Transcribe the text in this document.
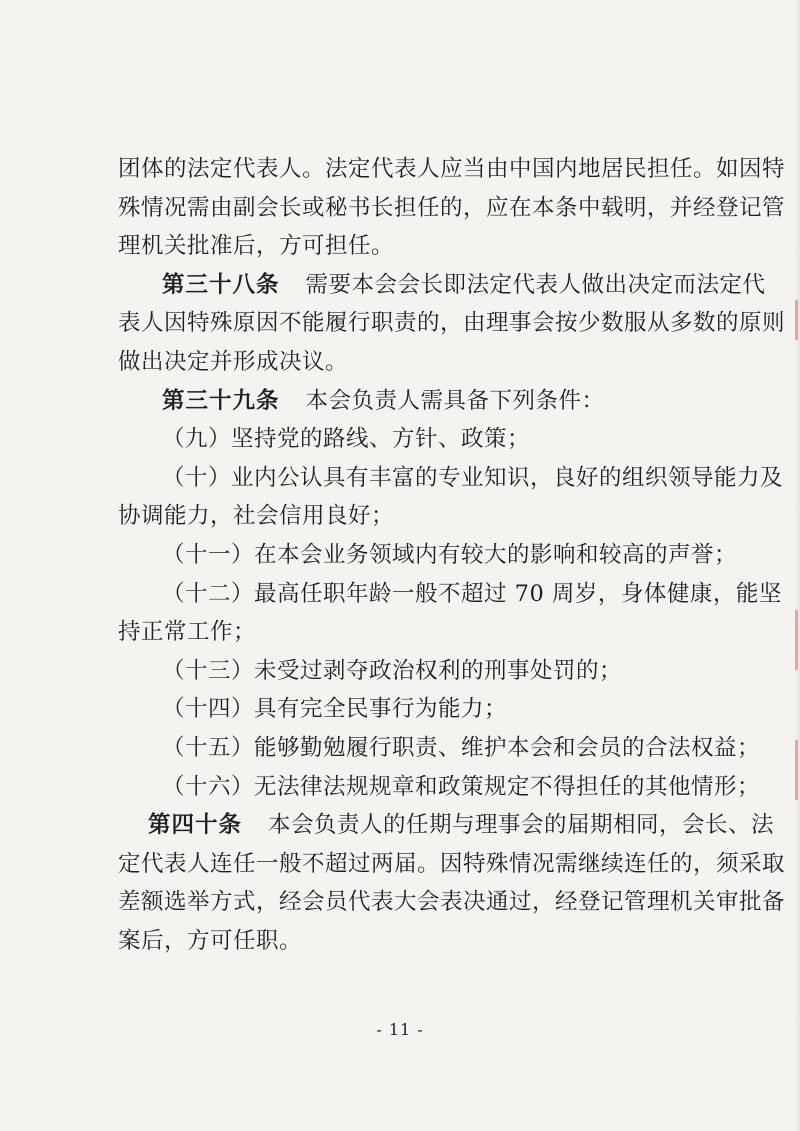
团体的法定代表人。法定代表人应当由中国内地居民担任。如因特
殊情况需由副会长或秘书长担任的，应在本条中载明，并经登记管
理机关批准后，方可担任。
第三十八条 需要本会会长即法定代表人做出决定而法定代
表人因特殊原因不能履行职责的，由理事会按少数服从多数的原则
做出决定并形成决议。
第三十九条 本会负责人需具备下列条件：
（九）坚持党的路线、方针、政策；
（十）业内公认具有丰富的专业知识，良好的组织领导能力及
协调能力，社会信用良好；
（十一）在本会业务领域内有较大的影响和较高的声誉；
（十二）最高任职年龄一般不超过 70 周岁，身体健康，能坚
持正常工作；
（十三）未受过剥夺政治权利的刑事处罚的；
（十四）具有完全民事行为能力；
（十五）能够勤勉履行职责、维护本会和会员的合法权益；
（十六）无法律法规规章和政策规定不得担任的其他情形；
第四十条 本会负责人的任期与理事会的届期相同，会长、法
定代表人连任一般不超过两届。因特殊情况需继续连任的，须采取
差额选举方式，经会员代表大会表决通过，经登记管理机关审批备
案后，方可任职。
- 11 -
